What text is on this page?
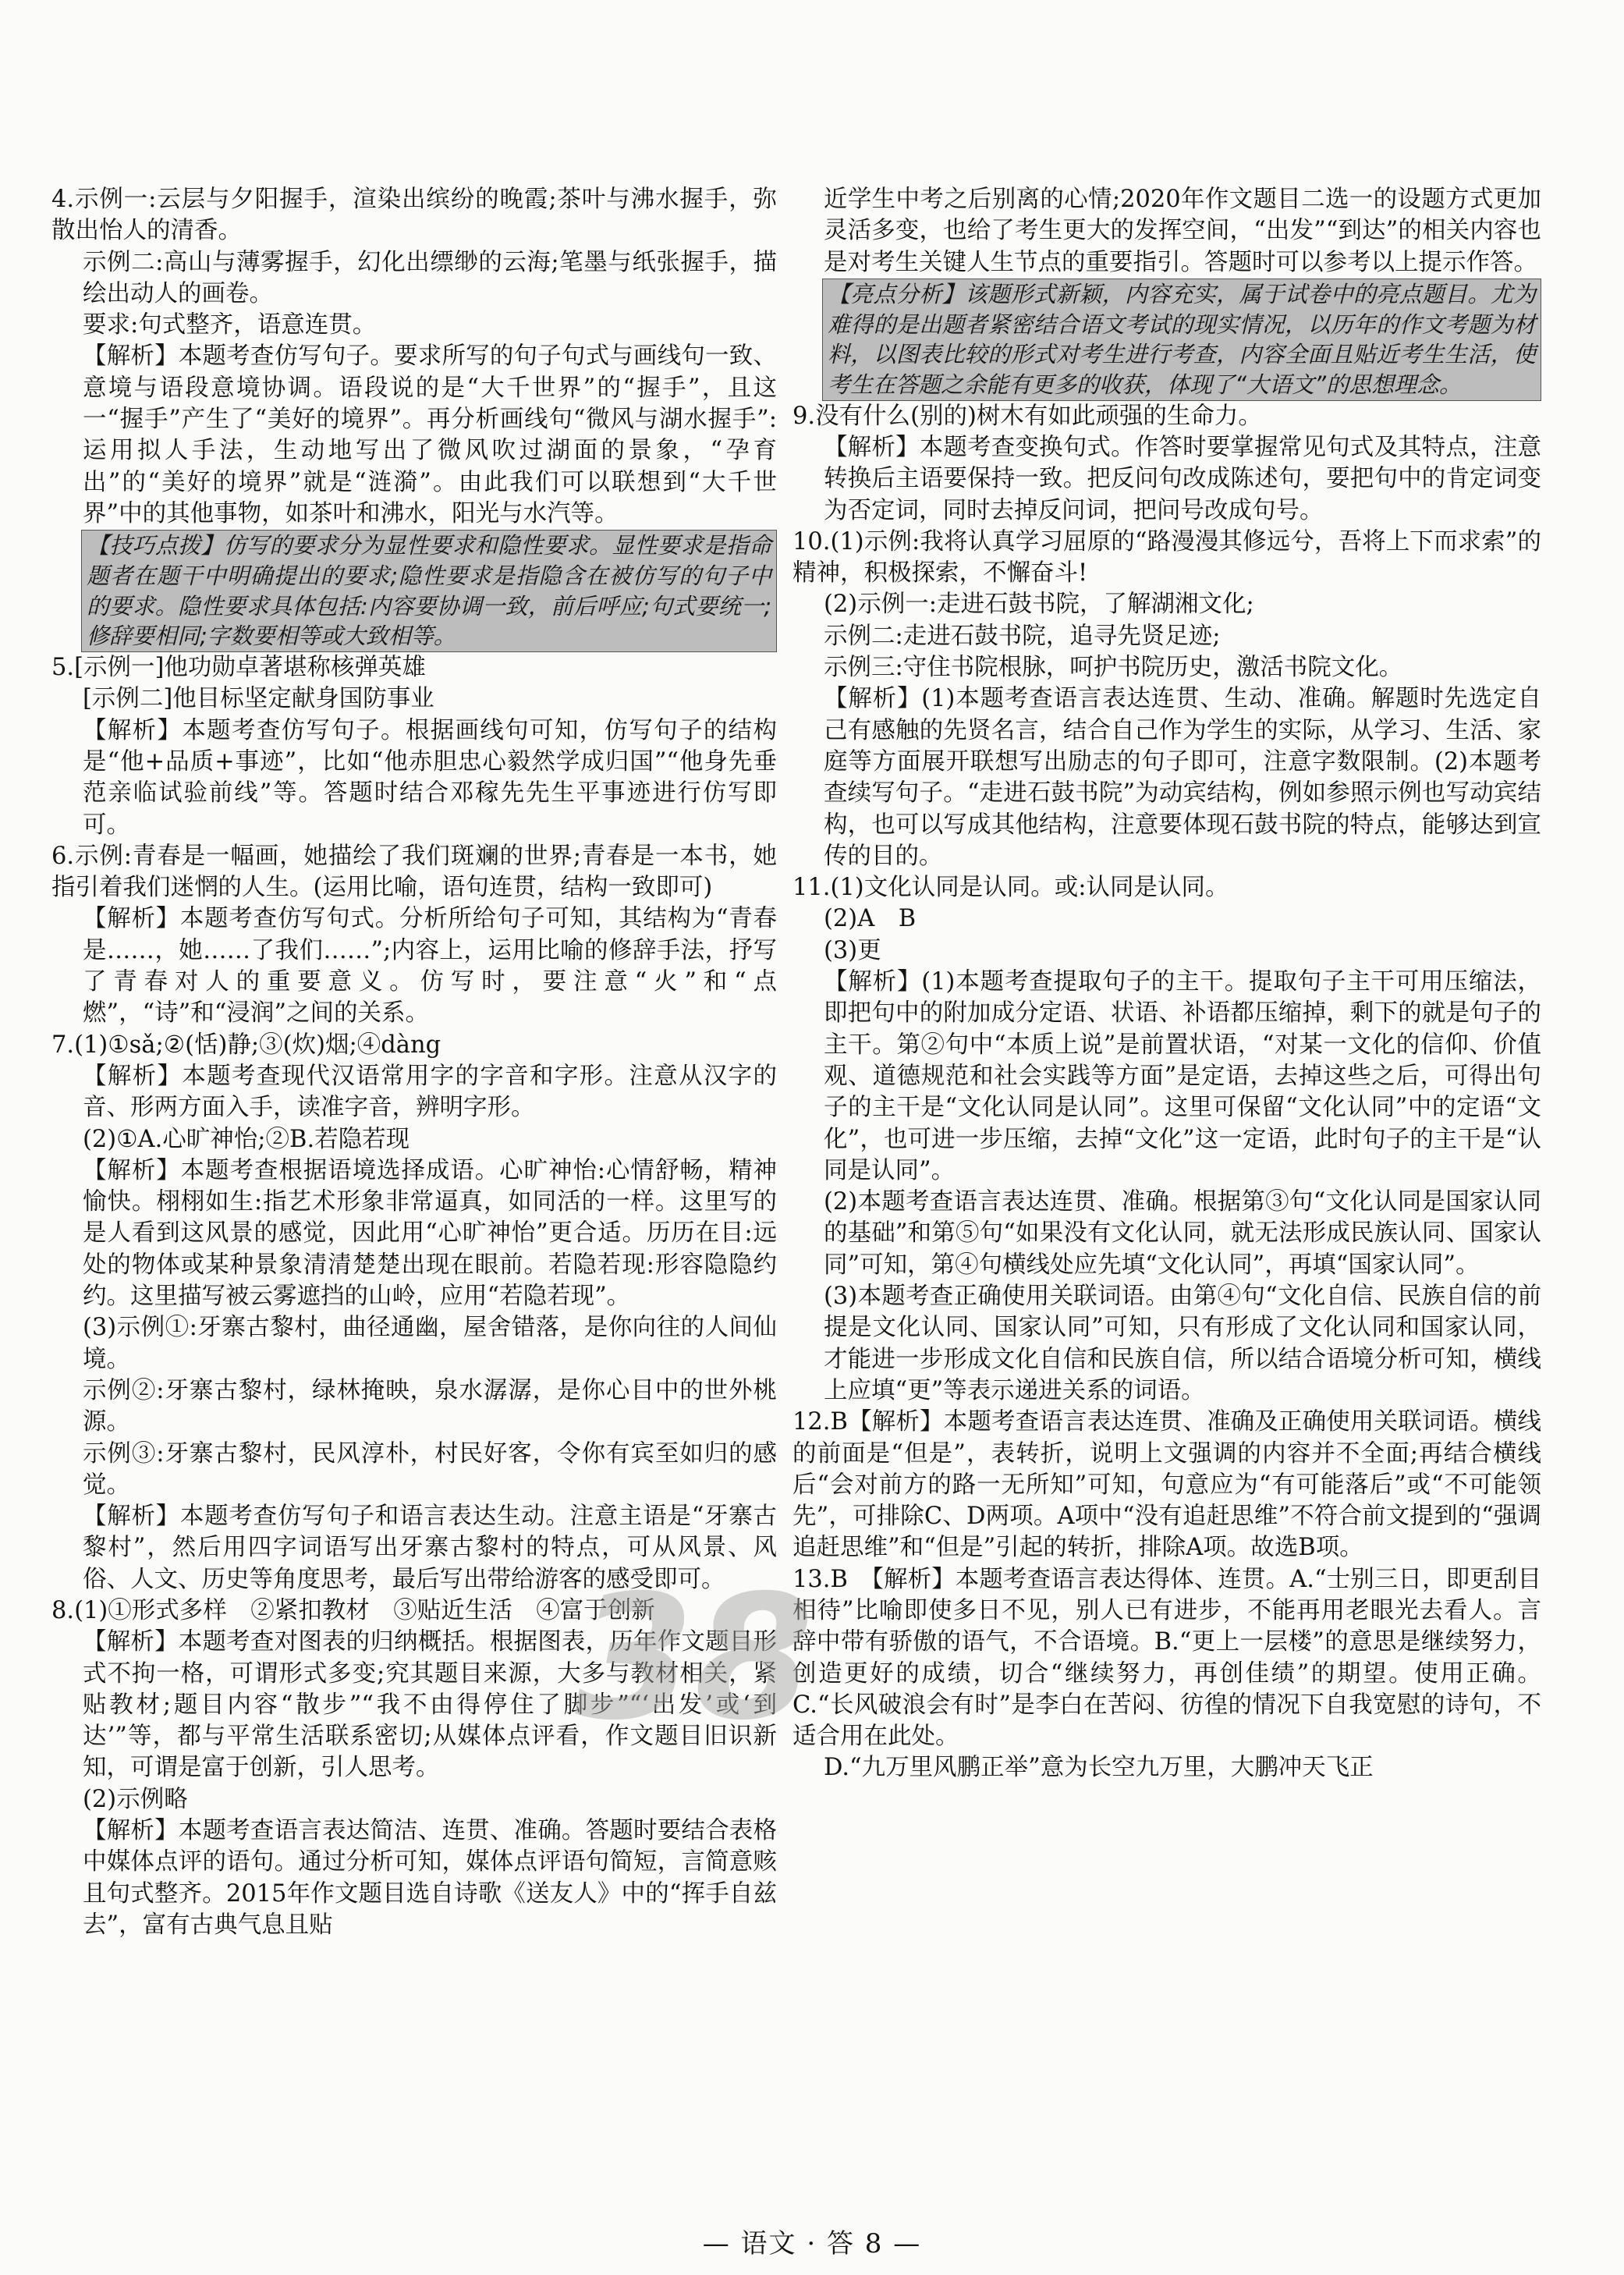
4.示例一:云层与夕阳握手，渲染出缤纷的晚霞;茶叶与沸水握手，弥散出怡人的清香。
示例二:高山与薄雾握手，幻化出缥缈的云海;笔墨与纸张握手，描绘出动人的画卷。
要求:句式整齐，语意连贯。
【解析】本题考查仿写句子。要求所写的句子句式与画线句一致、意境与语段意境协调。语段说的是“大千世界”的“握手”，且这一“握手”产生了“美好的境界”。再分析画线句“微风与湖水握手”:运用拟人手法，生动地写出了微风吹过湖面的景象，“孕育出”的“美好的境界”就是“涟漪”。由此我们可以联想到“大千世界”中的其他事物，如茶叶和沸水，阳光与水汽等。
【技巧点拨】仿写的要求分为显性要求和隐性要求。显性要求是指命题者在题干中明确提出的要求;隐性要求是指隐含在被仿写的句子中的要求。隐性要求具体包括:内容要协调一致，前后呼应;句式要统一;修辞要相同;字数要相等或大致相等。
5.[示例一]他功勋卓著堪称核弹英雄
[示例二]他目标坚定献身国防事业
【解析】本题考查仿写句子。根据画线句可知，仿写句子的结构是“他+品质+事迹”，比如“他赤胆忠心毅然学成归国”“他身先垂范亲临试验前线”等。答题时结合邓稼先先生平事迹进行仿写即可。
6.示例:青春是一幅画，她描绘了我们斑斓的世界;青春是一本书，她指引着我们迷惘的人生。(运用比喻，语句连贯，结构一致即可)
【解析】本题考查仿写句式。分析所给句子可知，其结构为“青春是……，她……了我们……”;内容上，运用比喻的修辞手法，抒写了青春对人的重要意义。仿写时，要注意“火”和“点燃”，“诗”和“浸润”之间的关系。
7.(1)①sǎ;②(恬)静;③(炊)烟;④dàng
【解析】本题考查现代汉语常用字的字音和字形。注意从汉字的音、形两方面入手，读准字音，辨明字形。
(2)①A.心旷神怡;②B.若隐若现
【解析】本题考查根据语境选择成语。心旷神怡:心情舒畅，精神愉快。栩栩如生:指艺术形象非常逼真，如同活的一样。这里写的是人看到这风景的感觉，因此用“心旷神怡”更合适。历历在目:远处的物体或某种景象清清楚楚出现在眼前。若隐若现:形容隐隐约约。这里描写被云雾遮挡的山岭，应用“若隐若现”。
(3)示例①:牙寨古黎村，曲径通幽，屋舍错落，是你向往的人间仙境。
示例②:牙寨古黎村，绿林掩映，泉水潺潺，是你心目中的世外桃源。
示例③:牙寨古黎村，民风淳朴，村民好客，令你有宾至如归的感觉。
【解析】本题考查仿写句子和语言表达生动。注意主语是“牙寨古黎村”，然后用四字词语写出牙寨古黎村的特点，可从风景、风俗、人文、历史等角度思考，最后写出带给游客的感受即可。
8.(1)①形式多样　②紧扣教材　③贴近生活　④富于创新
【解析】本题考查对图表的归纳概括。根据图表，历年作文题目形式不拘一格，可谓形式多变;究其题目来源，大多与教材相关，紧贴教材;题目内容“散步”“我不由得停住了脚步”“‘出发’或‘到达’”等，都与平常生活联系密切;从媒体点评看，作文题目旧识新知，可谓是富于创新，引人思考。
(2)示例略
【解析】本题考查语言表达简洁、连贯、准确。答题时要结合表格中媒体点评的语句。通过分析可知，媒体点评语句简短，言简意赅且句式整齐。2015年作文题目选自诗歌《送友人》中的“挥手自兹去”，富有古典气息且贴
近学生中考之后别离的心情;2020年作文题目二选一的设题方式更加灵活多变，也给了考生更大的发挥空间，“出发”“到达”的相关内容也是对考生关键人生节点的重要指引。答题时可以参考以上提示作答。
【亮点分析】该题形式新颖，内容充实，属于试卷中的亮点题目。尤为难得的是出题者紧密结合语文考试的现实情况，以历年的作文考题为材料，以图表比较的形式对考生进行考查，内容全面且贴近考生生活，使考生在答题之余能有更多的收获，体现了“大语文”的思想理念。
9.没有什么(别的)树木有如此顽强的生命力。
【解析】本题考查变换句式。作答时要掌握常见句式及其特点，注意转换后主语要保持一致。把反问句改成陈述句，要把句中的肯定词变为否定词，同时去掉反问词，把问号改成句号。
10.(1)示例:我将认真学习屈原的“路漫漫其修远兮，吾将上下而求索”的精神，积极探索，不懈奋斗!
(2)示例一:走进石鼓书院，了解湖湘文化;
示例二:走进石鼓书院，追寻先贤足迹;
示例三:守住书院根脉，呵护书院历史，激活书院文化。
【解析】(1)本题考查语言表达连贯、生动、准确。解题时先选定自己有感触的先贤名言，结合自己作为学生的实际，从学习、生活、家庭等方面展开联想写出励志的句子即可，注意字数限制。(2)本题考查续写句子。“走进石鼓书院”为动宾结构，例如参照示例也写动宾结构，也可以写成其他结构，注意要体现石鼓书院的特点，能够达到宣传的目的。
11.(1)文化认同是认同。或:认同是认同。
(2)A　B
(3)更
【解析】(1)本题考查提取句子的主干。提取句子主干可用压缩法，即把句中的附加成分定语、状语、补语都压缩掉，剩下的就是句子的主干。第②句中“本质上说”是前置状语，“对某一文化的信仰、价值观、道德规范和社会实践等方面”是定语，去掉这些之后，可得出句子的主干是“文化认同是认同”。这里可保留“文化认同”中的定语“文化”，也可进一步压缩，去掉“文化”这一定语，此时句子的主干是“认同是认同”。
(2)本题考查语言表达连贯、准确。根据第③句“文化认同是国家认同的基础”和第⑤句“如果没有文化认同，就无法形成民族认同、国家认同”可知，第④句横线处应先填“文化认同”，再填“国家认同”。
(3)本题考查正确使用关联词语。由第④句“文化自信、民族自信的前提是文化认同、国家认同”可知，只有形成了文化认同和国家认同，才能进一步形成文化自信和民族自信，所以结合语境分析可知，横线上应填“更”等表示递进关系的词语。
12.B【解析】本题考查语言表达连贯、准确及正确使用关联词语。横线的前面是“但是”，表转折，说明上文强调的内容并不全面;再结合横线后“会对前方的路一无所知”可知，句意应为“有可能落后”或“不可能领先”，可排除C、D两项。A项中“没有追赶思维”不符合前文提到的“强调追赶思维”和“但是”引起的转折，排除A项。故选B项。
13.B　【解析】本题考查语言表达得体、连贯。A.“士别三日，即更刮目相待”比喻即使多日不见，别人已有进步，不能再用老眼光去看人。言辞中带有骄傲的语气，不合语境。B.“更上一层楼”的意思是继续努力，创造更好的成绩，切合“继续努力，再创佳绩”的期望。使用正确。C.“长风破浪会有时”是李白在苦闷、彷徨的情况下自我宽慰的诗句，不适合用在此处。
D.“九万里风鹏正举”意为长空九万里，大鹏冲天飞正
38
— 语文 · 答 8 —
